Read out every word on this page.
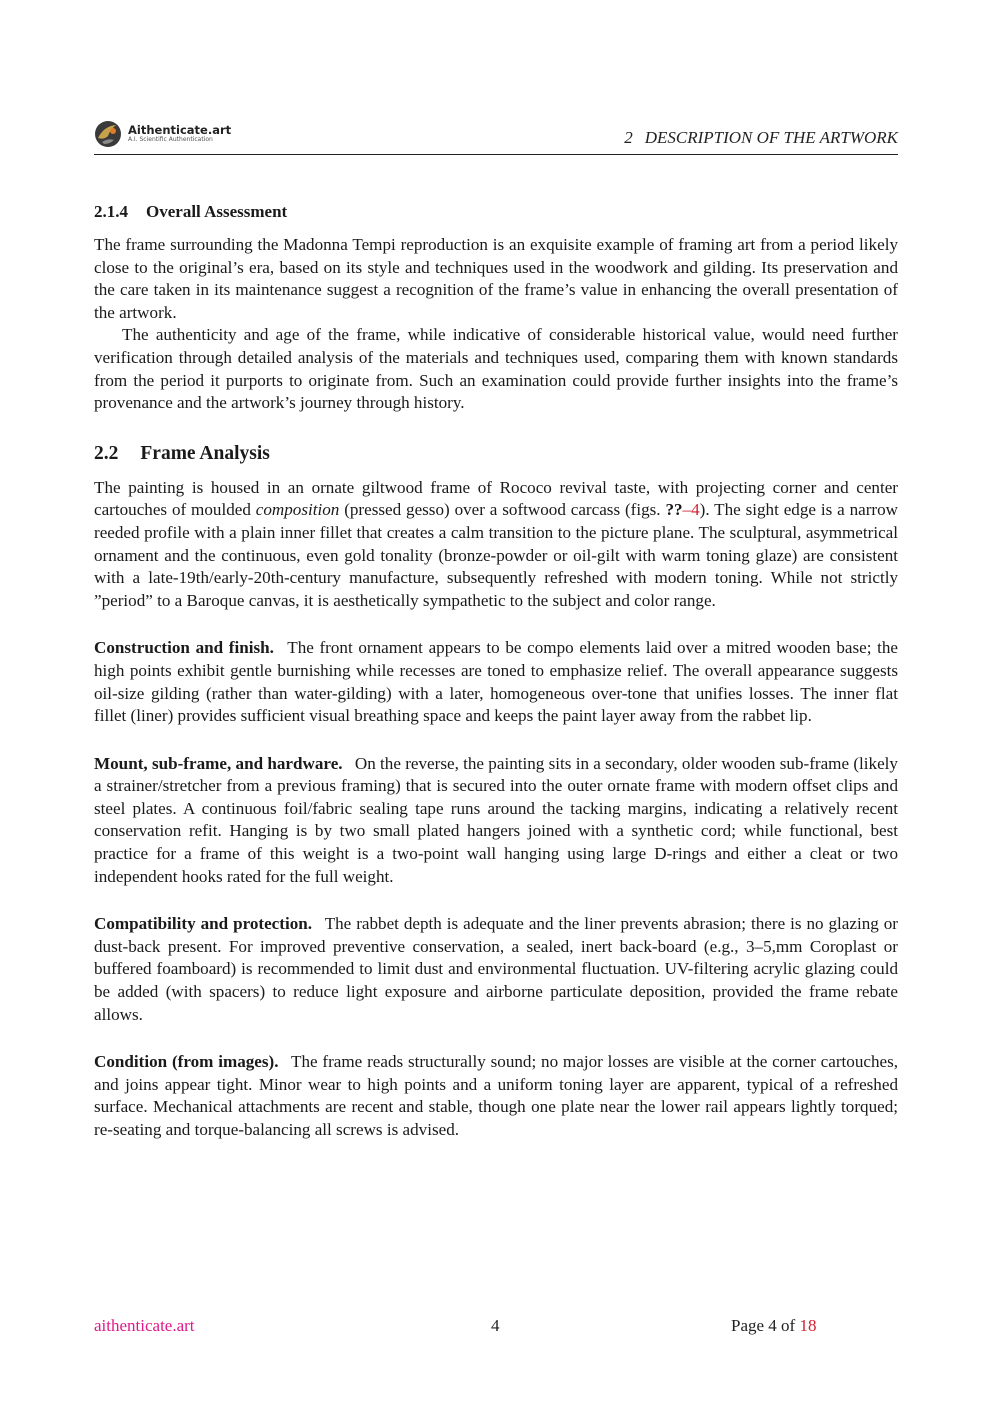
Aithenticate.art
A.I. Scientific Authentication	2 DESCRIPTION OF THE ARTWORK
2.1.4 Overall Assessment

The frame surrounding the Madonna Tempi reproduction is an exquisite example of framing art from a period likely close to the original’s era, based on its style and techniques used in the woodwork and gilding. Its preservation and the care taken in its maintenance suggest a recognition of the frame’s value in enhancing the overall presentation of the artwork.

The authenticity and age of the frame, while indicative of considerable historical value, would need further verification through detailed analysis of the materials and techniques used, comparing them with known standards from the period it purports to originate from. Such an examination could provide further insights into the frame’s provenance and the artwork’s journey through history.

2.2 Frame Analysis

The painting is housed in an ornate giltwood frame of Rococo revival taste, with projecting corner and center cartouches of moulded composition (pressed gesso) over a softwood carcass (figs. ??–4). The sight edge is a narrow reeded profile with a plain inner fillet that creates a calm transition to the picture plane. The sculptural, asymmetrical ornament and the continuous, even gold tonality (bronze-powder or oil-gilt with warm toning glaze) are consistent with a late-19th/early-20th-century manufacture, subsequently refreshed with modern toning. While not strictly ”period” to a Baroque canvas, it is aesthetically sympathetic to the subject and color range.

Construction and finish. The front ornament appears to be compo elements laid over a mitred wooden base; the high points exhibit gentle burnishing while recesses are toned to emphasize relief. The overall appearance suggests oil-size gilding (rather than water-gilding) with a later, homogeneous over-tone that unifies losses. The inner flat fillet (liner) provides sufficient visual breathing space and keeps the paint layer away from the rabbet lip.

Mount, sub-frame, and hardware. On the reverse, the painting sits in a secondary, older wooden sub-frame (likely a strainer/stretcher from a previous framing) that is secured into the outer ornate frame with modern offset clips and steel plates. A continuous foil/fabric sealing tape runs around the tacking margins, indicating a relatively recent conservation refit. Hanging is by two small plated hangers joined with a synthetic cord; while functional, best practice for a frame of this weight is a two-point wall hanging using large D-rings and either a cleat or two independent hooks rated for the full weight.

Compatibility and protection. The rabbet depth is adequate and the liner prevents abrasion; there is no glazing or dust-back present. For improved preventive conservation, a sealed, inert back-board (e.g., 3–5,mm Coroplast or buffered foamboard) is recommended to limit dust and environmental fluctuation. UV-filtering acrylic glazing could be added (with spacers) to reduce light exposure and airborne particulate deposition, provided the frame rebate allows.

Condition (from images). The frame reads structurally sound; no major losses are visible at the corner cartouches, and joins appear tight. Minor wear to high points and a uniform toning layer are apparent, typical of a refreshed surface. Mechanical attachments are recent and stable, though one plate near the lower rail appears lightly torqued; re-seating and torque-balancing all screws is advised.

aithenticate.art	4	Page 4 of 18
